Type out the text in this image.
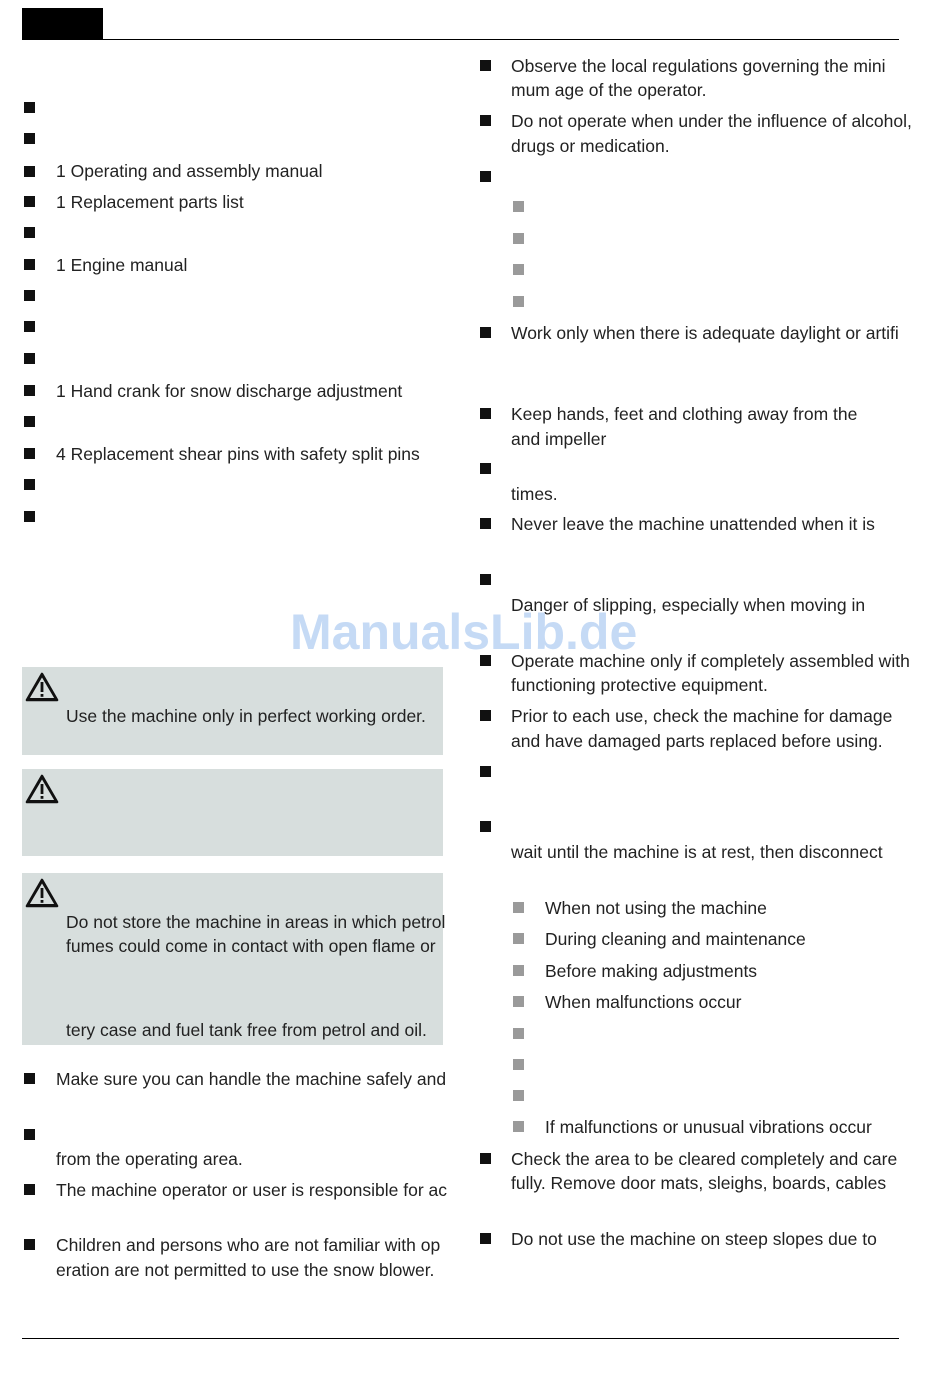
1 Operating and assembly manual
1 Replacement parts list
1 Engine manual
1 Hand crank for snow discharge adjustment
4 Replacement shear pins with safety split pins
Use the machine only in perfect working order.
Do not store the machine in areas in which petrol
fumes could come in contact with open flame or
tery case and fuel tank free from petrol and oil.
Make sure you can handle the machine safely and
from the operating area.
The machine operator or user is responsible for ac
Children and persons who are not familiar with op
eration are not permitted to use the snow blower.
Observe the local regulations governing the mini
mum age of the operator.
Do not operate when under the influence of alcohol,
drugs or medication.
Work only when there is adequate daylight or artifi
Keep hands, feet and clothing away from the
and impeller
times.
Never leave the machine unattended when it is
Danger of slipping, especially when moving in
Operate machine only if completely assembled with
functioning protective equipment.
Prior to each use, check the machine for damage
and have damaged parts replaced before using.
wait until the machine is at rest, then disconnect
When not using the machine
During cleaning and maintenance
Before making adjustments
When malfunctions occur
If malfunctions or unusual vibrations occur
Check the area to be cleared completely and care
fully. Remove door mats, sleighs, boards, cables
Do not use the machine on steep slopes due to
ManualsLib.de
